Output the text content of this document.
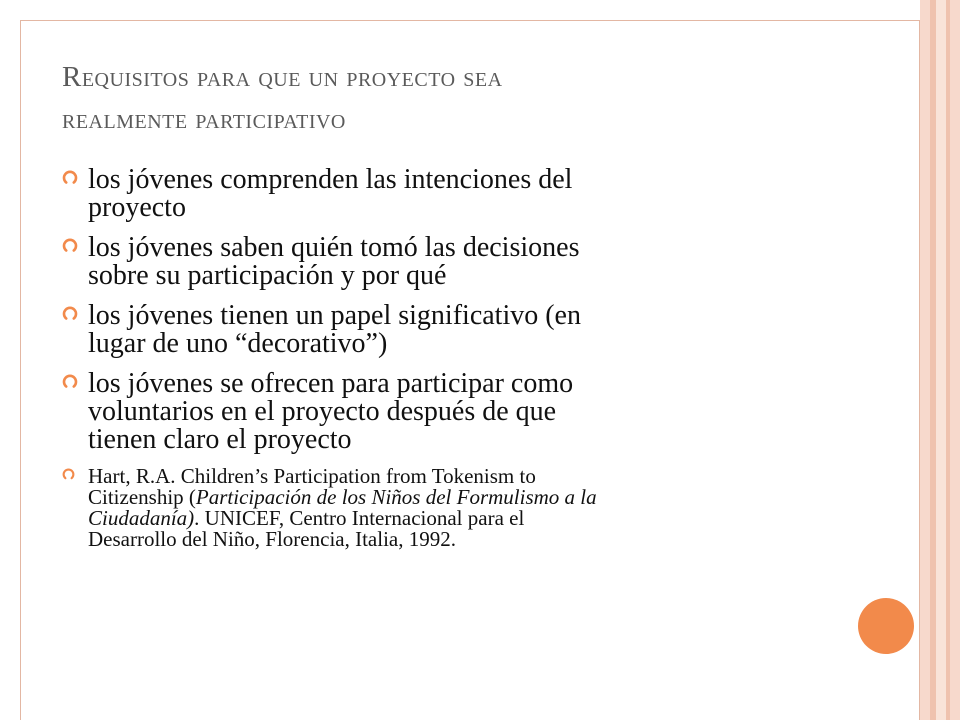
Requisitos para que un proyecto sea
realmente participativo
los jóvenes comprenden las intenciones del
proyecto
los jóvenes saben quién tomó las decisiones
sobre su participación y por qué
los jóvenes tienen un papel significativo (en
lugar de uno “decorativo”)
los jóvenes se ofrecen para participar como
voluntarios en el proyecto después de que
tienen claro el proyecto
Hart, R.A. Children’s Participation from Tokenism to
Citizenship (Participación de los Niños del Formulismo a la
Ciudadanía). UNICEF, Centro Internacional para el
Desarrollo del Niño, Florencia, Italia, 1992.
